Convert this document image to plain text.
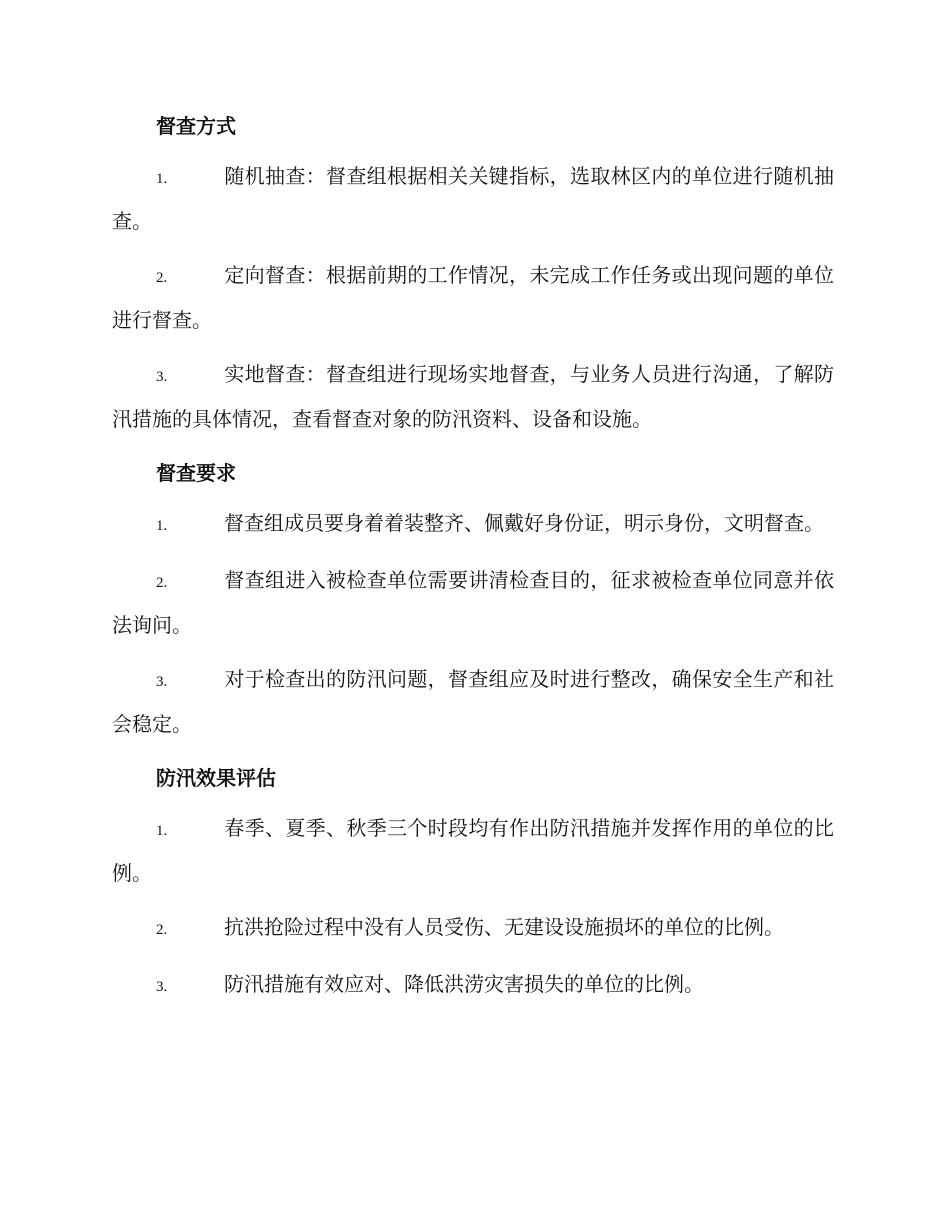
督查方式

1.	随机抽查：督查组根据相关关键指标，选取林区内的单位进行随机抽查。

2.	定向督查：根据前期的工作情况，未完成工作任务或出现问题的单位进行督查。

3.	实地督查：督查组进行现场实地督查，与业务人员进行沟通，了解防汛措施的具体情况，查看督查对象的防汛资料、设备和设施。

督查要求

1.	督查组成员要身着着装整齐、佩戴好身份证，明示身份，文明督查。

2.	督查组进入被检查单位需要讲清检查目的，征求被检查单位同意并依法询问。

3.	对于检查出的防汛问题，督查组应及时进行整改，确保安全生产和社会稳定。

防汛效果评估

1.	春季、夏季、秋季三个时段均有作出防汛措施并发挥作用的单位的比例。

2.	抗洪抢险过程中没有人员受伤、无建设设施损坏的单位的比例。

3.	防汛措施有效应对、降低洪涝灾害损失的单位的比例。
